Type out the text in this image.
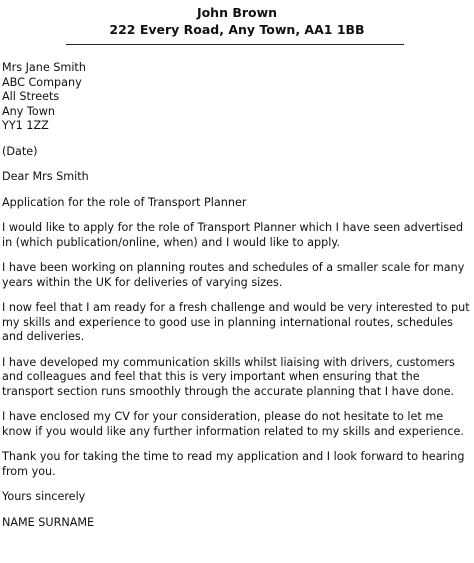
John Brown
222 Every Road, Any Town, AA1 1BB
Mrs Jane Smith
ABC Company
All Streets
Any Town
YY1 1ZZ
(Date)
Dear Mrs Smith
Application for the role of Transport Planner
I would like to apply for the role of Transport Planner which I have seen advertised in (which publication/online, when) and I would like to apply.
I have been working on planning routes and schedules of a smaller scale for many years within the UK for deliveries of varying sizes.
I now feel that I am ready for a fresh challenge and would be very interested to put my skills and experience to good use in planning international routes, schedules and deliveries.
I have developed my communication skills whilst liaising with drivers, customers and colleagues and feel that this is very important when ensuring that the transport section runs smoothly through the accurate planning that I have done.
I have enclosed my CV for your consideration, please do not hesitate to let me know if you would like any further information related to my skills and experience.
Thank you for taking the time to read my application and I look forward to hearing from you.
Yours sincerely
NAME SURNAME
